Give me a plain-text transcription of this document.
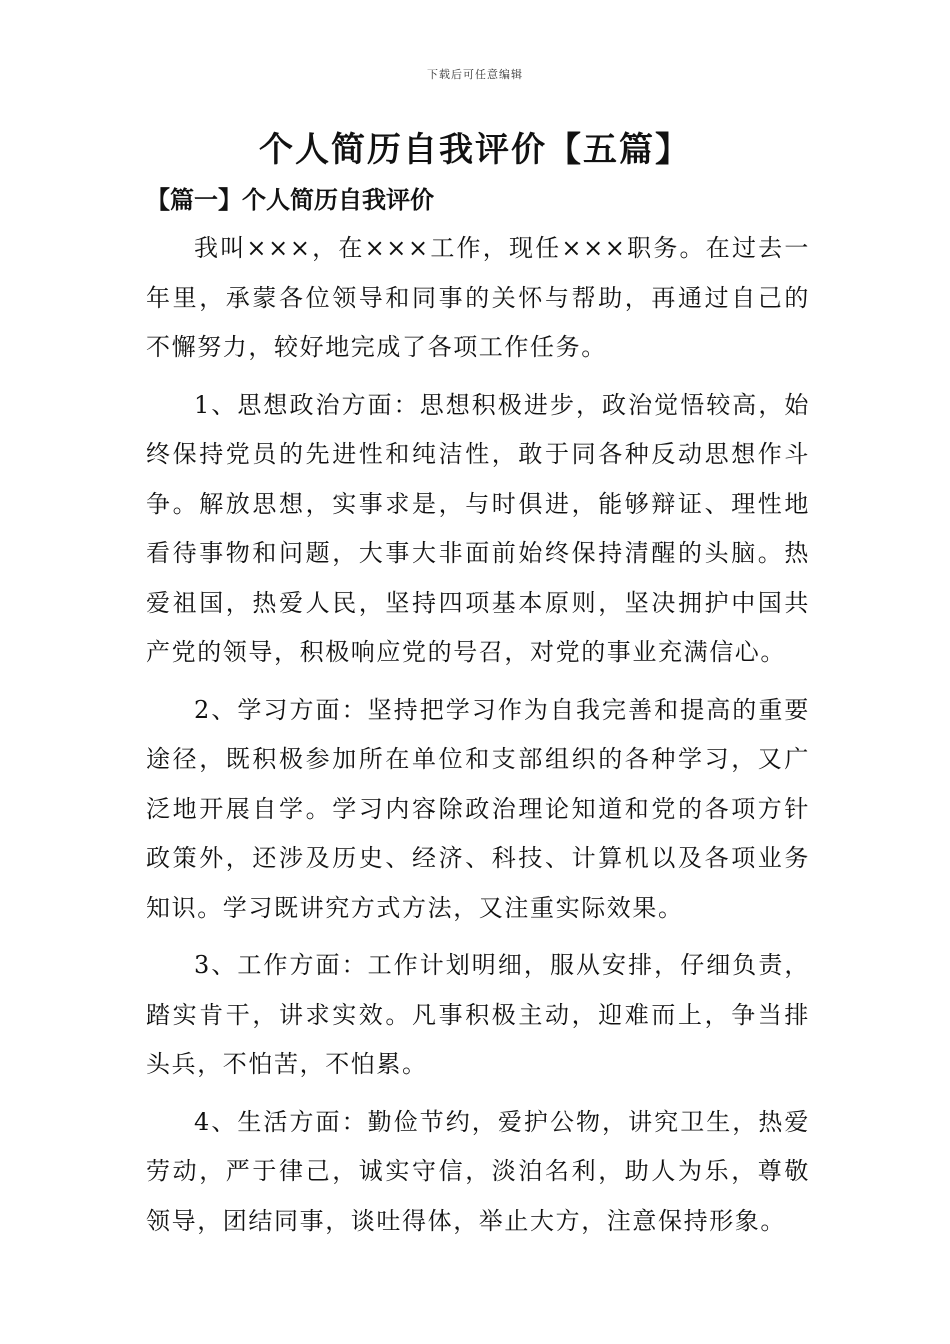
下载后可任意编辑
个人简历自我评价【五篇】
【篇一】个人简历自我评价

我叫×××，在×××工作，现任×××职务。在过去一年里，承蒙各位领导和同事的关怀与帮助，再通过自己的不懈努力，较好地完成了各项工作任务。

1、思想政治方面：思想积极进步，政治觉悟较高，始终保持党员的先进性和纯洁性，敢于同各种反动思想作斗争。解放思想，实事求是，与时俱进，能够辩证、理性地看待事物和问题，大事大非面前始终保持清醒的头脑。热爱祖国，热爱人民，坚持四项基本原则，坚决拥护中国共产党的领导，积极响应党的号召，对党的事业充满信心。

2、学习方面：坚持把学习作为自我完善和提高的重要途径，既积极参加所在单位和支部组织的各种学习，又广泛地开展自学。学习内容除政治理论知道和党的各项方针政策外，还涉及历史、经济、科技、计算机以及各项业务知识。学习既讲究方式方法，又注重实际效果。

3、工作方面：工作计划明细，服从安排，仔细负责，踏实肯干，讲求实效。凡事积极主动，迎难而上，争当排头兵，不怕苦，不怕累。

4、生活方面：勤俭节约，爱护公物，讲究卫生，热爱劳动，严于律己，诚实守信，淡泊名利，助人为乐，尊敬领导，团结同事，谈吐得体，举止大方，注意保持形象。
